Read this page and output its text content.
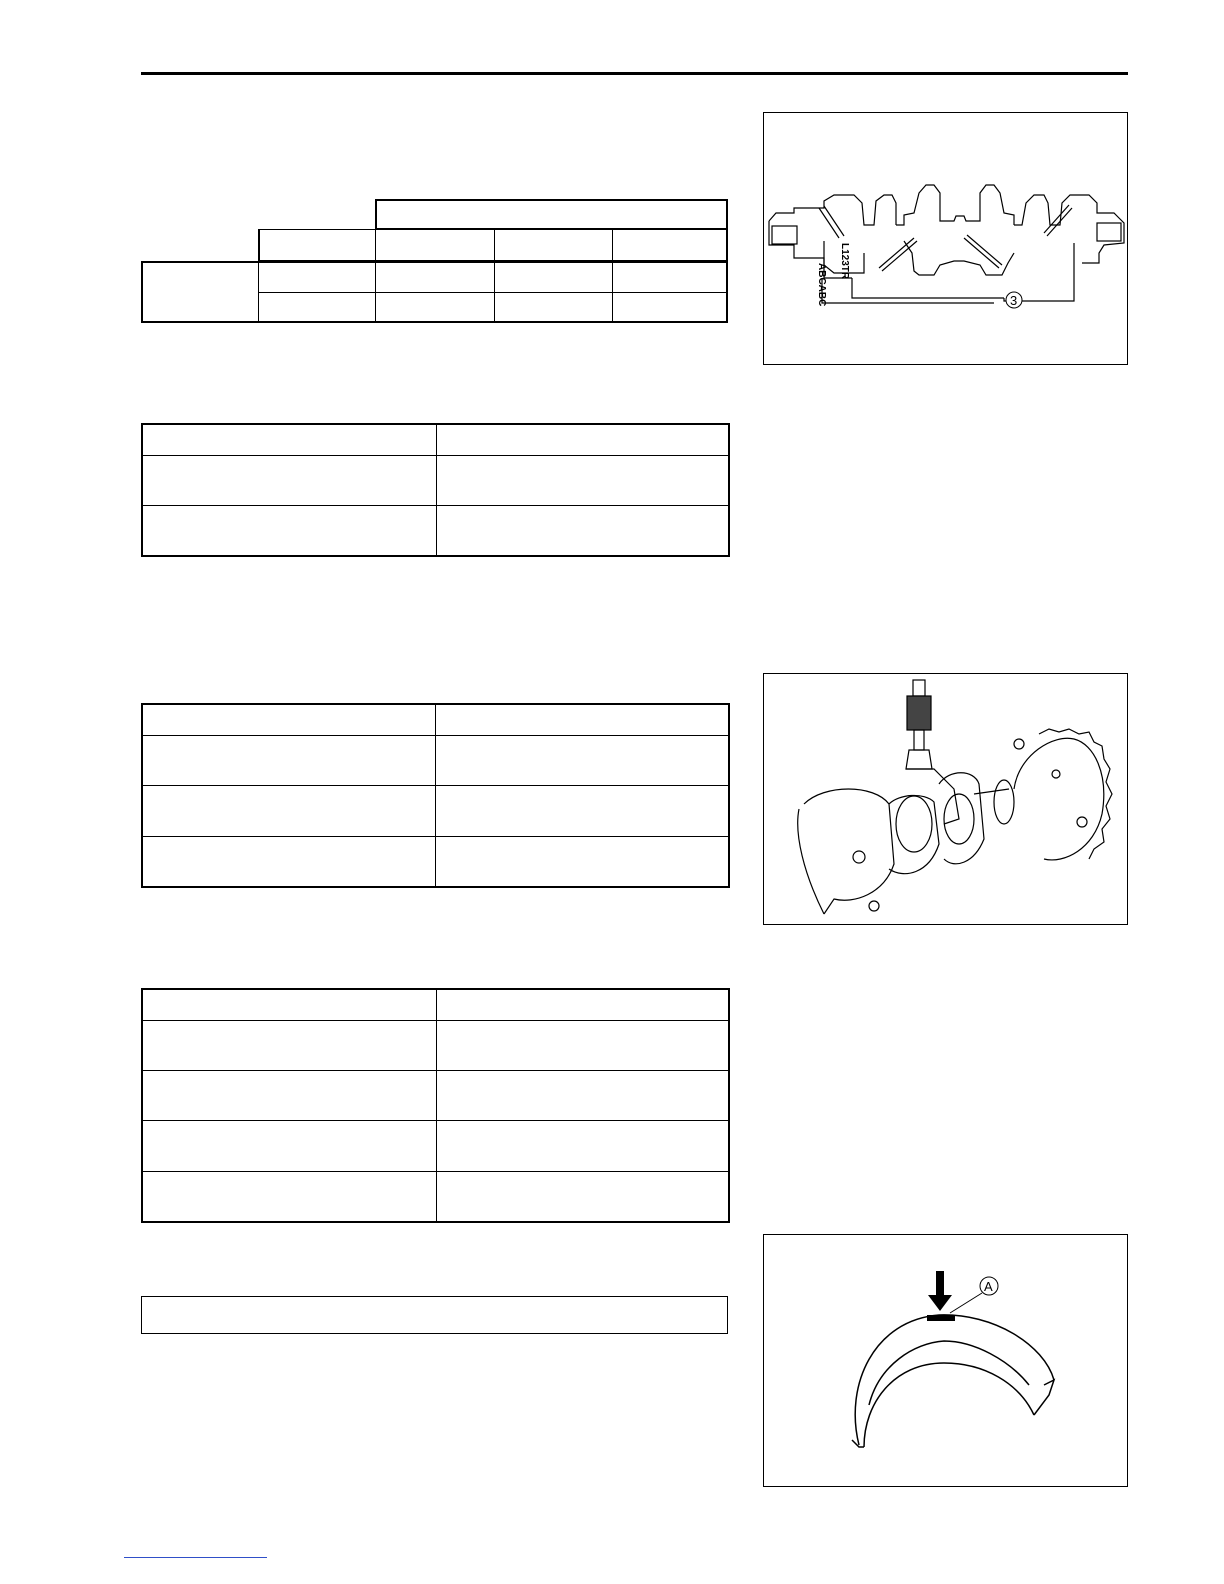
ABCABC
L123TR
3
A
